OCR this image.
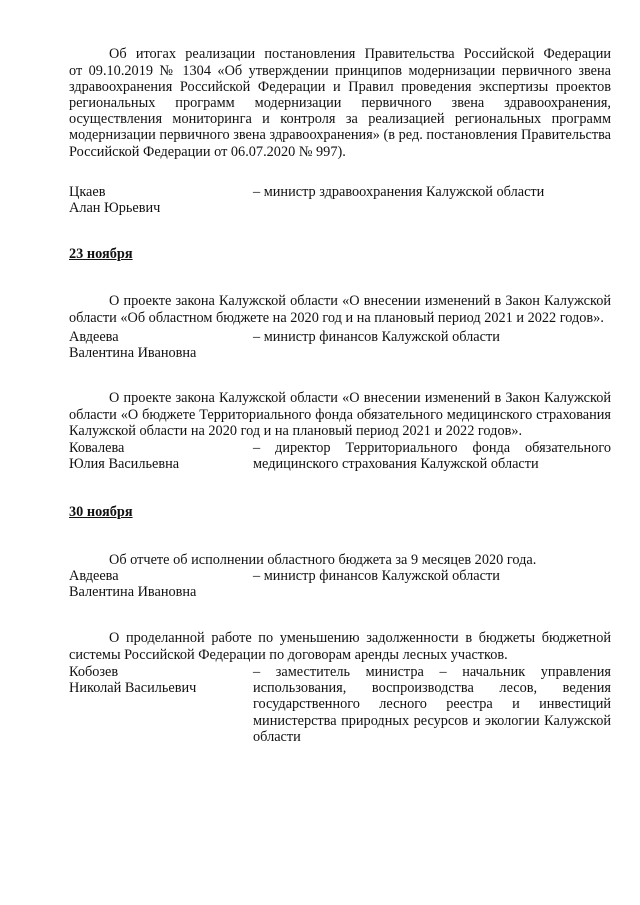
Об итогах реализации постановления Правительства Российской Федерации
от 09.10.2019 № 1304 «Об утверждении принципов модернизации первичного звена
здравоохранения Российской Федерации и Правил проведения экспертизы проектов
региональных программ модернизации первичного звена здравоохранения,
осуществления мониторинга и контроля за реализацией региональных программ
модернизации первичного звена здравоохранения» (в ред. постановления Правительства
Российской Федерации от 06.07.2020 № 997).

Цкаев
Алан Юрьевич

– министр здравоохранения Калужской области

23 ноября

О проекте закона Калужской области «О внесении изменений в Закон Калужской
области «Об областном бюджете на 2020 год и на плановый период 2021 и 2022 годов».

Авдеева
Валентина Ивановна

– министр финансов Калужской области

О проекте закона Калужской области «О внесении изменений в Закон Калужской
области «О бюджете Территориального фонда обязательного медицинского страхования
Калужской области на 2020 год и на плановый период 2021 и 2022 годов».

Ковалева
Юлия Васильевна

– директор Территориального фонда обязательного
медицинского страхования Калужской области

30 ноября

Об отчете об исполнении областного бюджета за 9 месяцев 2020 года.

Авдеева
Валентина Ивановна

– министр финансов Калужской области

О проделанной работе по уменьшению задолженности в бюджеты бюджетной
системы Российской Федерации по договорам аренды лесных участков.

Кобозев
Николай Васильевич

– заместитель министра – начальник управления
использования, воспроизводства лесов, ведения
государственного лесного реестра и инвестиций
министерства природных ресурсов и экологии Калужской
области
